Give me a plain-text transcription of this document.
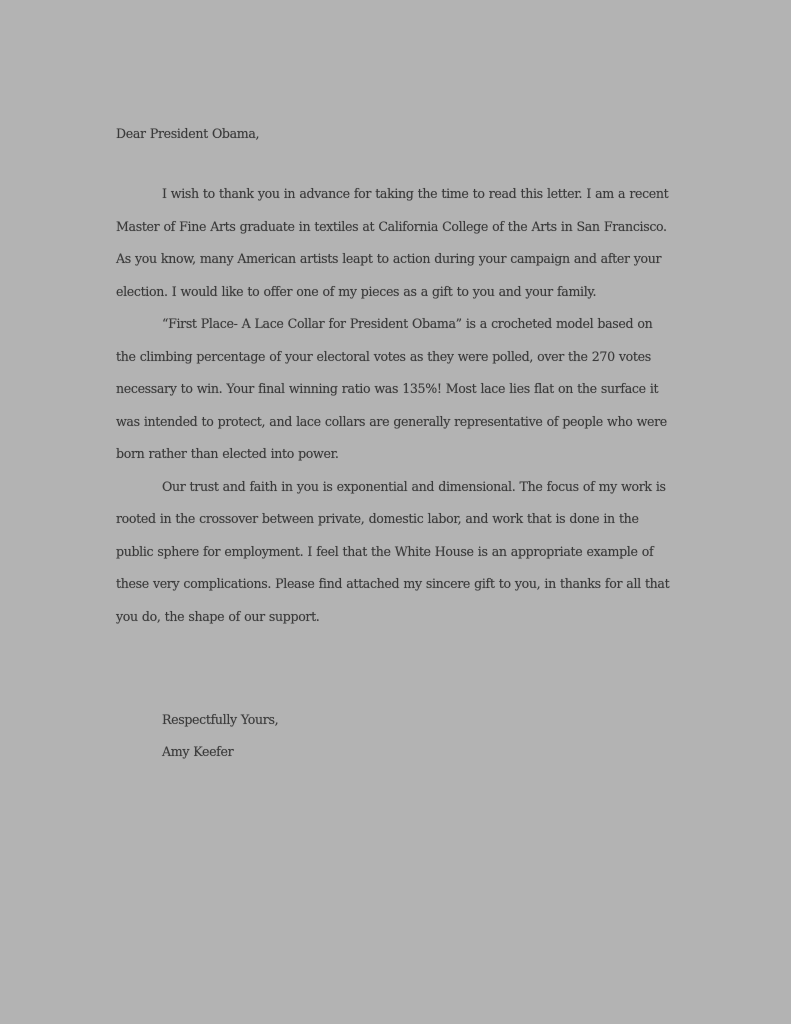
Dear President Obama,

I wish to thank you in advance for taking the time to read this letter. I am a recent Master of Fine Arts graduate in textiles at California College of the Arts in San Francisco. As you know, many American artists leapt to action during your campaign and after your election. I would like to offer one of my pieces as a gift to you and your family.

“First Place- A Lace Collar for President Obama” is a crocheted model based on the climbing percentage of your electoral votes as they were polled, over the 270 votes necessary to win. Your final winning ratio was 135%! Most lace lies flat on the surface it was intended to protect, and lace collars are generally representative of people who were born rather than elected into power.

Our trust and faith in you is exponential and dimensional. The focus of my work is rooted in the crossover between private, domestic labor, and work that is done in the public sphere for employment. I feel that the White House is an appropriate example of these very complications. Please find attached my sincere gift to you, in thanks for all that you do, the shape of our support.

Respectfully Yours,
Amy Keefer
